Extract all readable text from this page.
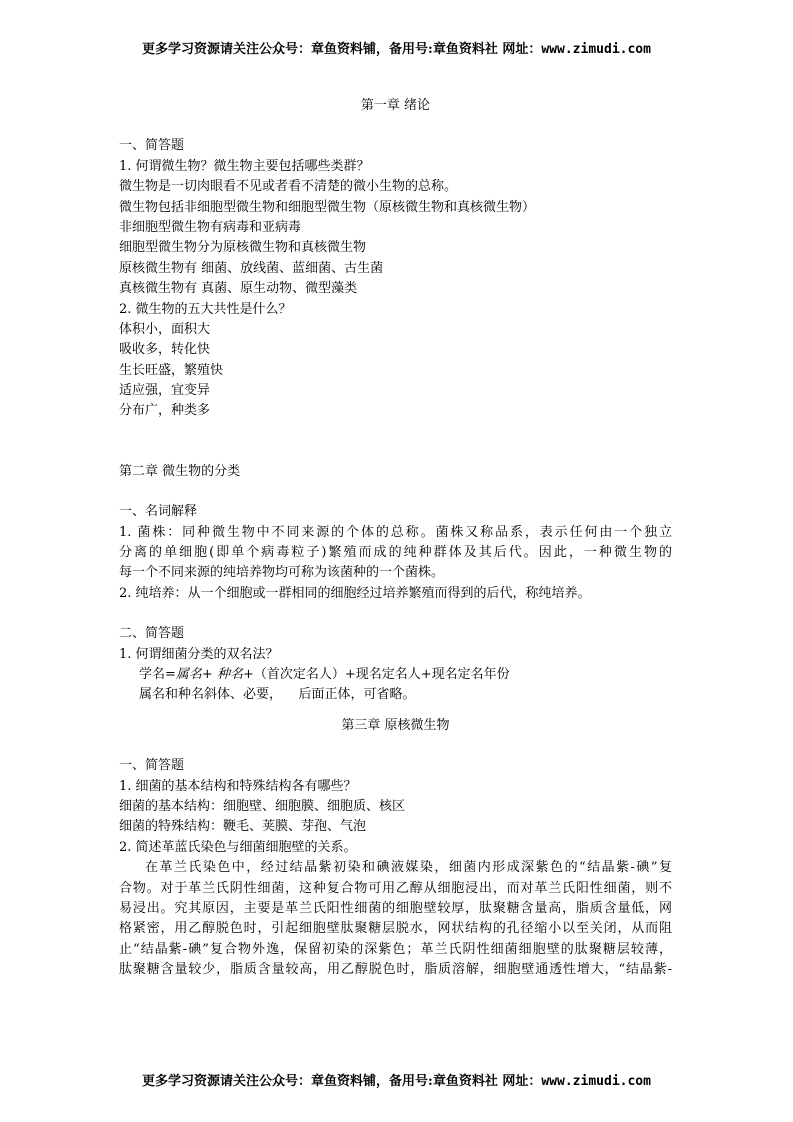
更多学习资源请关注公众号：章鱼资料铺，备用号:章鱼资料社 网址：www.zimudi.com
第一章 绪论
一、简答题
1. 何谓微生物？微生物主要包括哪些类群？
微生物是一切肉眼看不见或者看不清楚的微小生物的总称。
微生物包括非细胞型微生物和细胞型微生物（原核微生物和真核微生物）
非细胞型微生物有病毒和亚病毒
细胞型微生物分为原核微生物和真核微生物
原核微生物有 细菌、放线菌、蓝细菌、古生菌
真核微生物有 真菌、原生动物、微型藻类
2. 微生物的五大共性是什么？
体积小，面积大
吸收多，转化快
生长旺盛，繁殖快
适应强，宜变异
分布广，种类多
第二章 微生物的分类
一、名词解释
1. 菌株：同种微生物中不同来源的个体的总称。菌株又称品系，表示任何由一个独立
分离的单细胞(即单个病毒粒子)繁殖而成的纯种群体及其后代。因此，一种微生物的
每一个不同来源的纯培养物均可称为该菌种的一个菌株。
2. 纯培养：从一个细胞或一群相同的细胞经过培养繁殖而得到的后代，称纯培养。
二、简答题
1. 何谓细菌分类的双名法？
学名=属名+ 种名+（首次定名人）+现名定名人+现名定名年份
属名和种名斜体、必要，    后面正体，可省略。
第三章 原核微生物
一、简答题
1. 细菌的基本结构和特殊结构各有哪些？
细菌的基本结构：细胞壁、细胞膜、细胞质、核区
细菌的特殊结构：鞭毛、荚膜、芽孢、气泡
2. 简述革蓝氏染色与细菌细胞壁的关系。
在革兰氏染色中，经过结晶紫初染和碘液媒染，细菌内形成深紫色的“结晶紫-碘”复
合物。对于革兰氏阴性细菌，这种复合物可用乙醇从细胞浸出，而对革兰氏阳性细菌，则不
易浸出。究其原因，主要是革兰氏阳性细菌的细胞壁较厚，肽聚糖含量高，脂质含量低，网
格紧密，用乙醇脱色时，引起细胞壁肽聚糖层脱水，网状结构的孔径缩小以至关闭，从而阻
止“结晶紫-碘”复合物外逸，保留初染的深紫色；革兰氏阴性细菌细胞壁的肽聚糖层较薄，
肽聚糖含量较少，脂质含量较高，用乙醇脱色时，脂质溶解，细胞壁通透性增大，“结晶紫-
更多学习资源请关注公众号：章鱼资料铺，备用号:章鱼资料社 网址：www.zimudi.com
